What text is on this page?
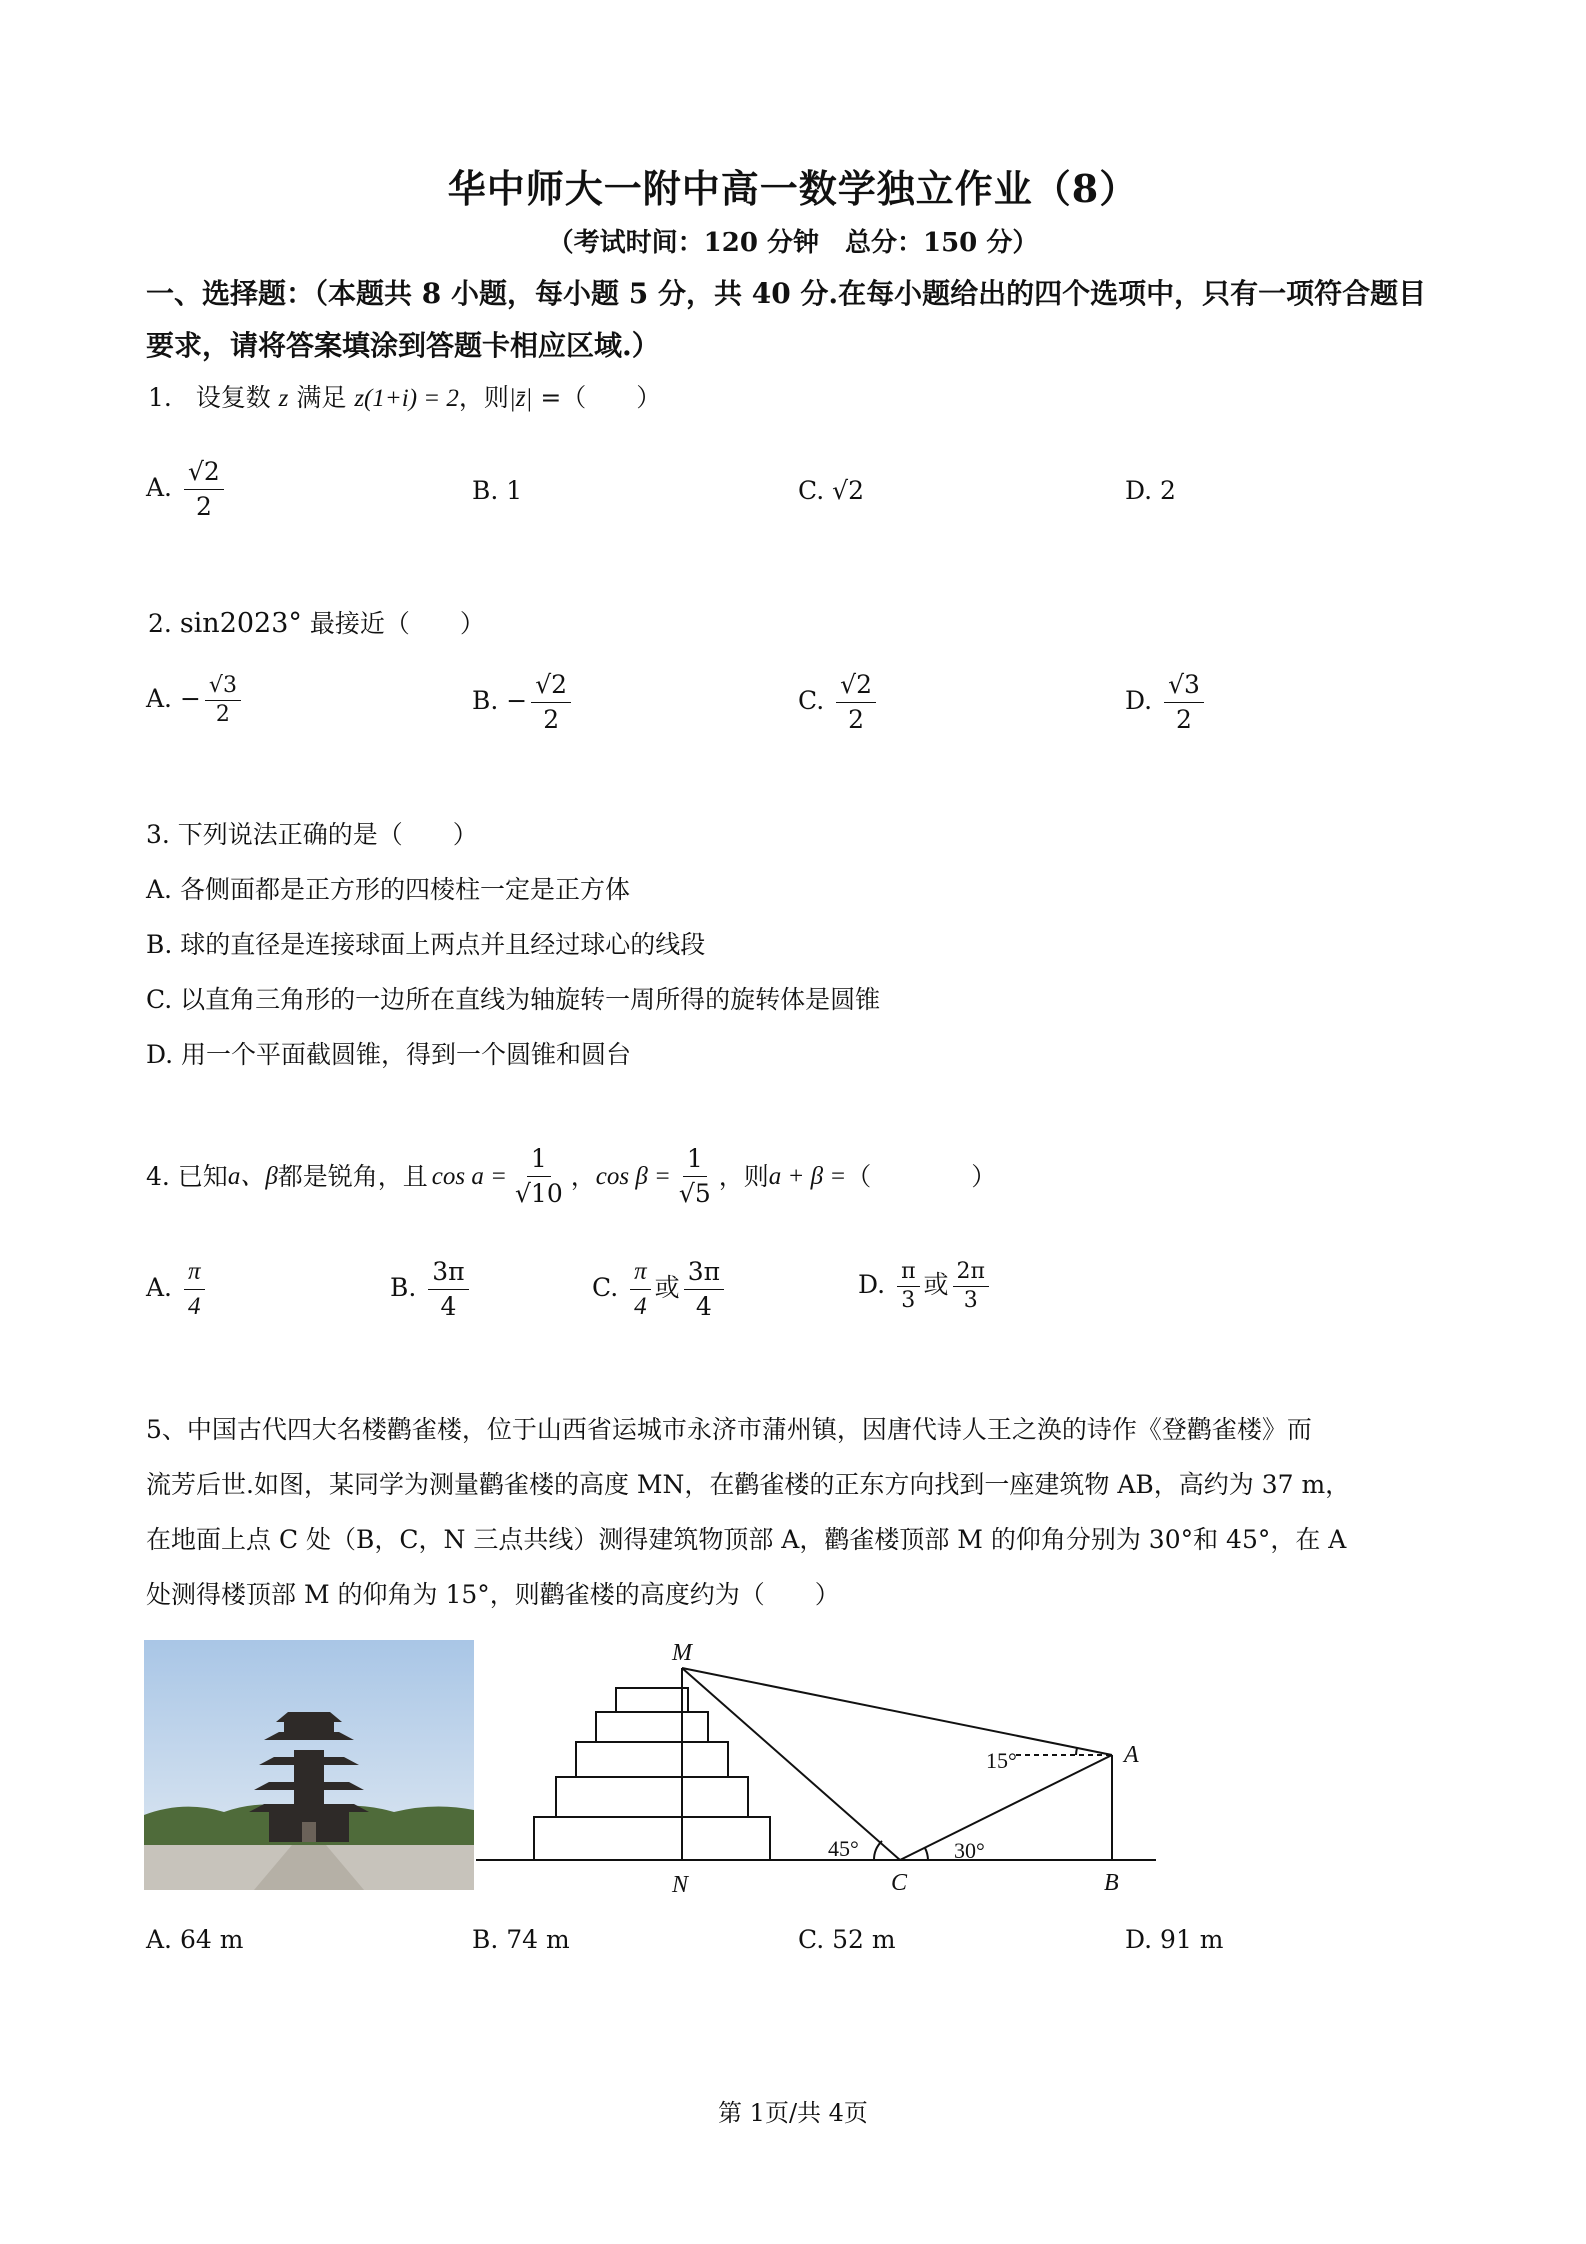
华中师大一附中高一数学独立作业（8）
（考试时间：120 分钟　总分：150 分）
一、选择题：（本题共 8 小题，每小题 5 分，共 40 分.在每小题给出的四个选项中，只有一项符合题目要求，请将答案填涂到答题卡相应区域.）
1. 设复数 z 满足 z(1+i) = 2，则|z̄| =（　　）
A. $\frac{√2}{2}$	B. 1	C. √2	D. 2
2. sin2023° 最接近（　　）
A. − $\frac{√3}{2}$	B. − $\frac{√2}{2}$	C. $\frac{√2}{2}$	D. $\frac{√3}{2}$
3. 下列说法正确的是（　　）
A. 各侧面都是正方形的四棱柱一定是正方体
B. 球的直径是连接球面上两点并且经过球心的线段
C. 以直角三角形的一边所在直线为轴旋转一周所得的旋转体是圆锥
D. 用一个平面截圆锥，得到一个圆锥和圆台
4. 已知 a、β 都是锐角，且 $\cos a = \frac{1}{√10}$ ， $\cos \beta = \frac{1}{√5}$ ，则 a + β = （　　　　）
A. $\frac{\pi}{4}$	B. $\frac{3\pi}{4}$	C. $\frac{\pi}{4}$ 或 $\frac{3\pi}{4}$	D. $\frac{\pi}{3}$ 或 $\frac{2\pi}{3}$
5、中国古代四大名楼鹳雀楼，位于山西省运城市永济市蒲州镇，因唐代诗人王之涣的诗作《登鹳雀楼》而
流芳后世.如图，某同学为测量鹳雀楼的高度 MN，在鹳雀楼的正东方向找到一座建筑物 AB，高约为 37 m，
在地面上点 C 处（B，C，N 三点共线）测得建筑物顶部 A，鹳雀楼顶部 M 的仰角分别为 30°和 45°，在 A
处测得楼顶部 M 的仰角为 15°，则鹳雀楼的高度约为（　　）
M
N	C	B
A
15°
45°	30°
A. 64 m	B. 74 m	C. 52 m	D. 91 m
第 1页/共 4页
